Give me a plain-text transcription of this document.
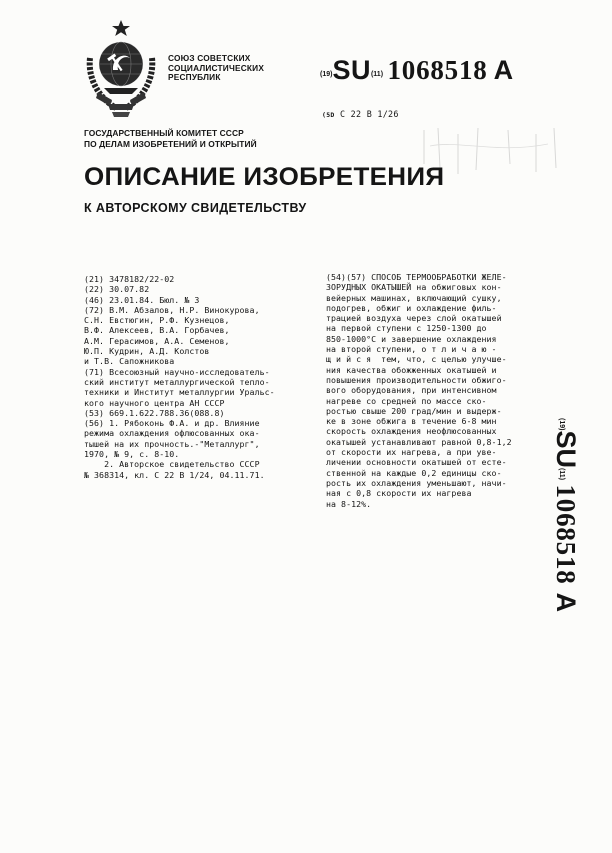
СОЮЗ СОВЕТСКИХ
СОЦИАЛИСТИЧЕСКИХ
РЕСПУБЛИК	(19)SU(11) 1068518 A
(5D С 22 В 1/26
ГОСУДАРСТВЕННЫЙ КОМИТЕТ СССР
ПО ДЕЛАМ ИЗОБРЕТЕНИЙ И ОТКРЫТИЙ
ОПИСАНИЕ ИЗОБРЕТЕНИЯ
К АВТОРСКОМУ СВИДЕТЕЛЬСТВУ
(21) 3478182/22-02
(22) 30.07.82
(46) 23.01.84. Бюл. № 3
(72) В.М. Абзалов, Н.Р. Винокурова,
С.Н. Евстюгин, Р.Ф. Кузнецов,
В.Ф. Алексеев, В.А. Горбачев,
А.М. Герасимов, А.А. Семенов,
Ю.П. Кудрин, А.Д. Колстов
и Т.В. Сапожникова
(71) Всесоюзный научно-исследователь-
ский институт металлургической тепло-
техники и Институт металлургии Уральс-
кого научного центра АН СССР
(53) 669.1.622.788.36(088.8)
(56) 1. Рябоконь Ф.А. и др. Влияние
режима охлаждения офлюсованных ока-
тышей на их прочность.-"Металлург",
1970, № 9, с. 8-10.
2. Авторское свидетельство СССР
№ 368314, кл. С 22 В 1/24, 04.11.71.
(54)(57) СПОСОБ ТЕРМООБРАБОТКИ ЖЕЛЕ-
ЗОРУДНЫХ ОКАТЫШЕЙ на обжиговых кон-
вейерных машинах, включающий сушку,
подогрев, обжиг и охлаждение филь-
трацией воздуха через слой окатышей
на первой ступени с 1250-1300 до
850-1000°С и завершение охлаждения
на второй ступени, о т л и ч а ю -
щ и й с я  тем, что, с целью улучше-
ния качества обожженных окатышей и
повышения производительности обжиго-
вого оборудования, при интенсивном
нагреве со средней по массе ско-
ростью свыше 200 град/мин и выдерж-
ке в зоне обжига в течение 6-8 мин
скорость охлаждения неофлюсованных
окатышей устанавливают равной 0,8-1,2
от скорости их нагрева, а при уве-
личении основности окатышей от есте-
ственной на каждые 0,2 единицы ско-
рость их охлаждения уменьшают, начи-
ная с 0,8 скорости их нагрева
на 8-12%.
(19)SU(11) 1068518A
